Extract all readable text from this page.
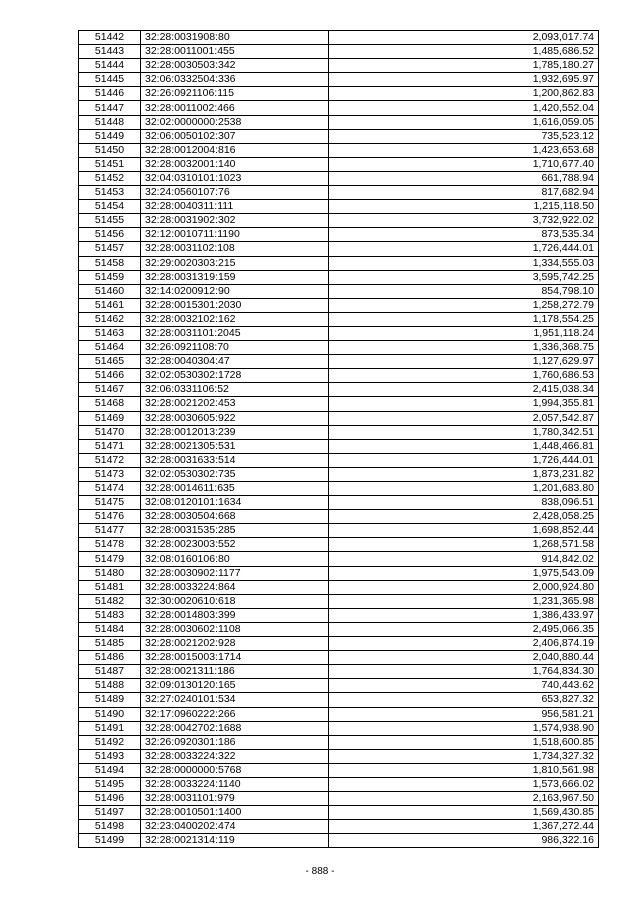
51442	32:28:0031908:80	2,093,017.74
51443	32:28:0011001:455	1,485,686.52
51444	32:28:0030503:342	1,785,180.27
51445	32:06:0332504:336	1,932,695.97
51446	32:26:0921106:115	1,200,862.83
51447	32:28:0011002:466	1,420,552.04
51448	32:02:0000000:2538	1,616,059.05
51449	32:06:0050102:307	735,523.12
51450	32:28:0012004:816	1,423,653.68
51451	32:28:0032001:140	1,710,677.40
51452	32:04:0310101:1023	661,788.94
51453	32:24:0560107:76	817,682.94
51454	32:28:0040311:111	1,215,118.50
51455	32:28:0031902:302	3,732,922.02
51456	32:12:0010711:1190	873,535.34
51457	32:28:0031102:108	1,726,444.01
51458	32:29:0020303:215	1,334,555.03
51459	32:28:0031319:159	3,595,742.25
51460	32:14:0200912:90	854,798.10
51461	32:28:0015301:2030	1,258,272.79
51462	32:28:0032102:162	1,178,554.25
51463	32:28:0031101:2045	1,951,118.24
51464	32:26:0921108:70	1,336,368.75
51465	32:28:0040304:47	1,127,629.97
51466	32:02:0530302:1728	1,760,686.53
51467	32:06:0331106:52	2,415,038.34
51468	32:28:0021202:453	1,994,355.81
51469	32:28:0030605:922	2,057,542.87
51470	32:28:0012013:239	1,780,342.51
51471	32:28:0021305:531	1,448,466.81
51472	32:28:0031633:514	1,726,444.01
51473	32:02:0530302:735	1,873,231.82
51474	32:28:0014611:635	1,201,683.80
51475	32:08:0120101:1634	838,096.51
51476	32:28:0030504:668	2,428,058.25
51477	32:28:0031535:285	1,698,852.44
51478	32:28:0023003:552	1,268,571.58
51479	32:08:0160106:80	914,842.02
51480	32:28:0030902:1177	1,975,543.09
51481	32:28:0033224:864	2,000,924.80
51482	32:30:0020610:618	1,231,365.98
51483	32:28:0014803:399	1,386,433.97
51484	32:28:0030602:1108	2,495,066.35
51485	32:28:0021202:928	2,406,874.19
51486	32:28:0015003:1714	2,040,880.44
51487	32:28:0021311:186	1,764,834.30
51488	32:09:0130120:165	740,443.62
51489	32:27:0240101:534	653,827.32
51490	32:17:0960222:266	956,581.21
51491	32:28:0042702:1688	1,574,938.90
51492	32:26:0920301:186	1,518,600.85
51493	32:28:0033224:322	1,734,327.32
51494	32:28:0000000:5768	1,810,561.98
51495	32:28:0033224:1140	1,573,666.02
51496	32:28:0031101:979	2,163,967.50
51497	32:28:0010501:1400	1,569,430.85
51498	32:23:0400202:474	1,367,272.44
51499	32:28:0021314:119	986,322.16
- 888 -
